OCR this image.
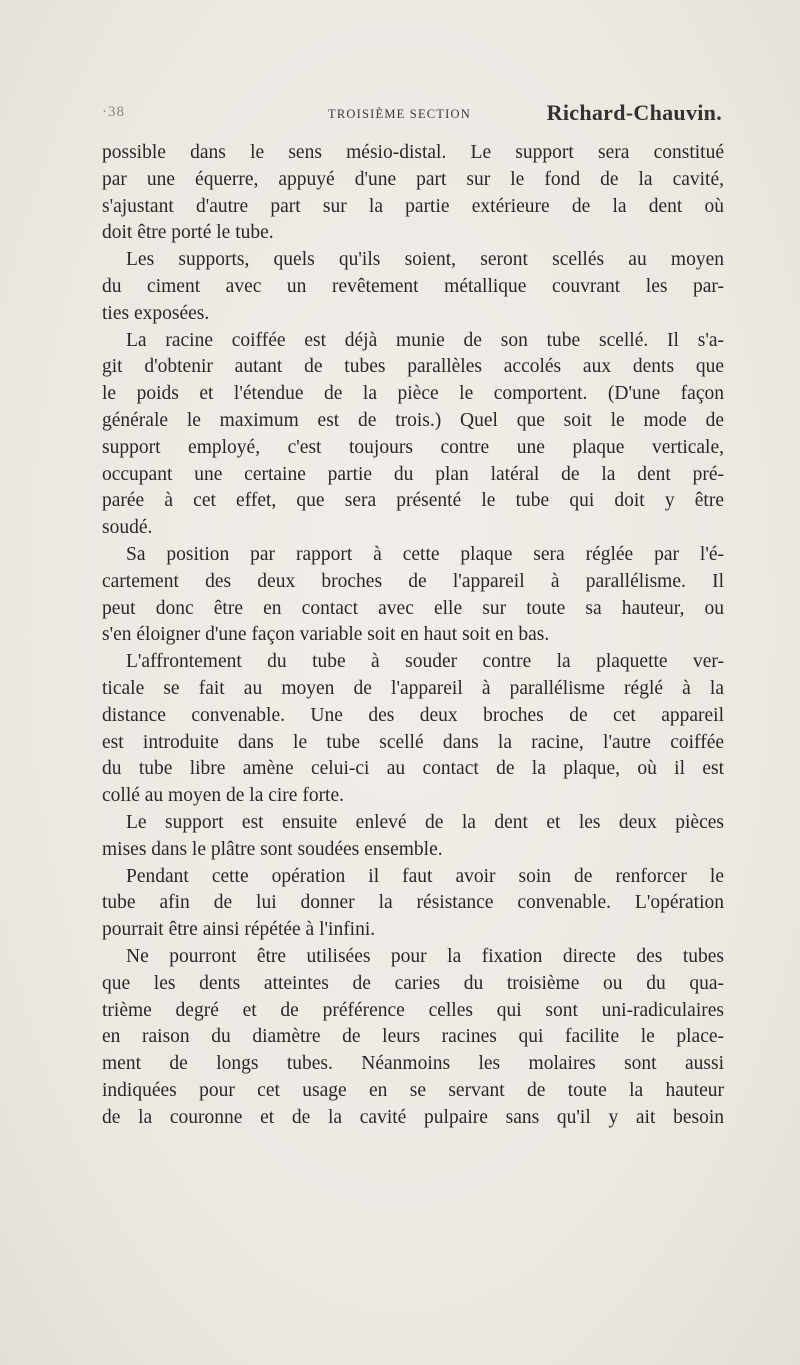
·38	TROISIÈME SECTION	Richard-Chauvin.
possible dans le sens mésio-distal. Le support sera constitué
par une équerre, appuyé d'une part sur le fond de la cavité,
s'ajustant d'autre part sur la partie extérieure de la dent où
doit être porté le tube.
Les supports, quels qu'ils soient, seront scellés au moyen
du ciment avec un revêtement métallique couvrant les par-
ties exposées.
La racine coiffée est déjà munie de son tube scellé. Il s'a-
git d'obtenir autant de tubes parallèles accolés aux dents que
le poids et l'étendue de la pièce le comportent. (D'une façon
générale le maximum est de trois.) Quel que soit le mode de
support employé, c'est toujours contre une plaque verticale,
occupant une certaine partie du plan latéral de la dent pré-
parée à cet effet, que sera présenté le tube qui doit y être
soudé.
Sa position par rapport à cette plaque sera réglée par l'é-
cartement des deux broches de l'appareil à parallélisme. Il
peut donc être en contact avec elle sur toute sa hauteur, ou
s'en éloigner d'une façon variable soit en haut soit en bas.
L'affrontement du tube à souder contre la plaquette ver-
ticale se fait au moyen de l'appareil à parallélisme réglé à la
distance convenable. Une des deux broches de cet appareil
est introduite dans le tube scellé dans la racine, l'autre coiffée
du tube libre amène celui-ci au contact de la plaque, où il est
collé au moyen de la cire forte.
Le support est ensuite enlevé de la dent et les deux pièces
mises dans le plâtre sont soudées ensemble.
Pendant cette opération il faut avoir soin de renforcer le
tube afin de lui donner la résistance convenable. L'opération
pourrait être ainsi répétée à l'infini.
Ne pourront être utilisées pour la fixation directe des tubes
que les dents atteintes de caries du troisième ou du qua-
trième degré et de préférence celles qui sont uni-radiculaires
en raison du diamètre de leurs racines qui facilite le place-
ment de longs tubes. Néanmoins les molaires sont aussi
indiquées pour cet usage en se servant de toute la hauteur
de la couronne et de la cavité pulpaire sans qu'il y ait besoin
